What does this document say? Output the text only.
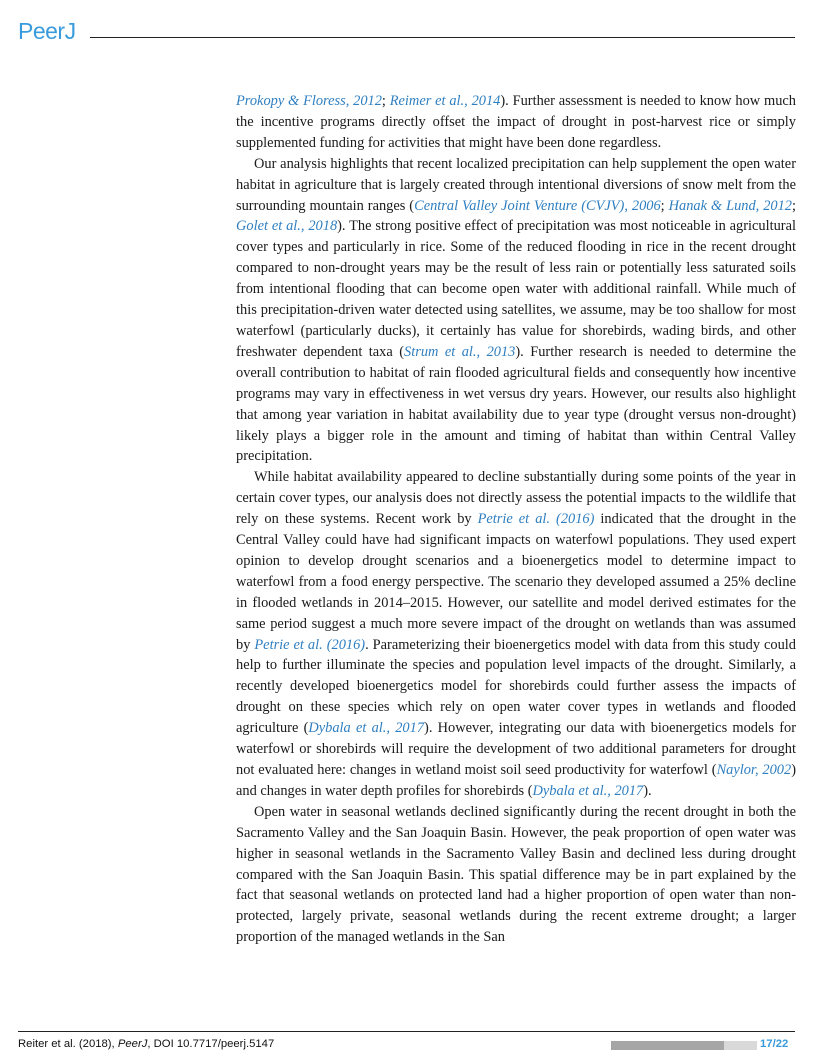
PeerJ

Prokopy & Floress, 2012; Reimer et al., 2014). Further assessment is needed to know how much the incentive programs directly offset the impact of drought in post-harvest rice or simply supplemented funding for activities that might have been done regardless.

Our analysis highlights that recent localized precipitation can help supplement the open water habitat in agriculture that is largely created through intentional diversions of snow melt from the surrounding mountain ranges (Central Valley Joint Venture (CVJV), 2006; Hanak & Lund, 2012; Golet et al., 2018). The strong positive effect of precipitation was most noticeable in agricultural cover types and particularly in rice. Some of the reduced flooding in rice in the recent drought compared to non-drought years may be the result of less rain or potentially less saturated soils from intentional flooding that can become open water with additional rainfall. While much of this precipitation-driven water detected using satellites, we assume, may be too shallow for most waterfowl (particularly ducks), it certainly has value for shorebirds, wading birds, and other freshwater dependent taxa (Strum et al., 2013). Further research is needed to determine the overall contribution to habitat of rain flooded agricultural fields and consequently how incentive programs may vary in effectiveness in wet versus dry years. However, our results also highlight that among year variation in habitat availability due to year type (drought versus non-drought) likely plays a bigger role in the amount and timing of habitat than within Central Valley precipitation.

While habitat availability appeared to decline substantially during some points of the year in certain cover types, our analysis does not directly assess the potential impacts to the wildlife that rely on these systems. Recent work by Petrie et al. (2016) indicated that the drought in the Central Valley could have had significant impacts on waterfowl populations. They used expert opinion to develop drought scenarios and a bioenergetics model to determine impact to waterfowl from a food energy perspective. The scenario they developed assumed a 25% decline in flooded wetlands in 2014–2015. However, our satellite and model derived estimates for the same period suggest a much more severe impact of the drought on wetlands than was assumed by Petrie et al. (2016). Parameterizing their bioenergetics model with data from this study could help to further illuminate the species and population level impacts of the drought. Similarly, a recently developed bioenergetics model for shorebirds could further assess the impacts of drought on these species which rely on open water cover types in wetlands and flooded agriculture (Dybala et al., 2017). However, integrating our data with bioenergetics models for waterfowl or shorebirds will require the development of two additional parameters for drought not evaluated here: changes in wetland moist soil seed productivity for waterfowl (Naylor, 2002) and changes in water depth profiles for shorebirds (Dybala et al., 2017).

Open water in seasonal wetlands declined significantly during the recent drought in both the Sacramento Valley and the San Joaquin Basin. However, the peak proportion of open water was higher in seasonal wetlands in the Sacramento Valley Basin and declined less during drought compared with the San Joaquin Basin. This spatial difference may be in part explained by the fact that seasonal wetlands on protected land had a higher proportion of open water than non-protected, largely private, seasonal wetlands during the recent extreme drought; a larger proportion of the managed wetlands in the San

Reiter et al. (2018), PeerJ, DOI 10.7717/peerj.5147	17/22
